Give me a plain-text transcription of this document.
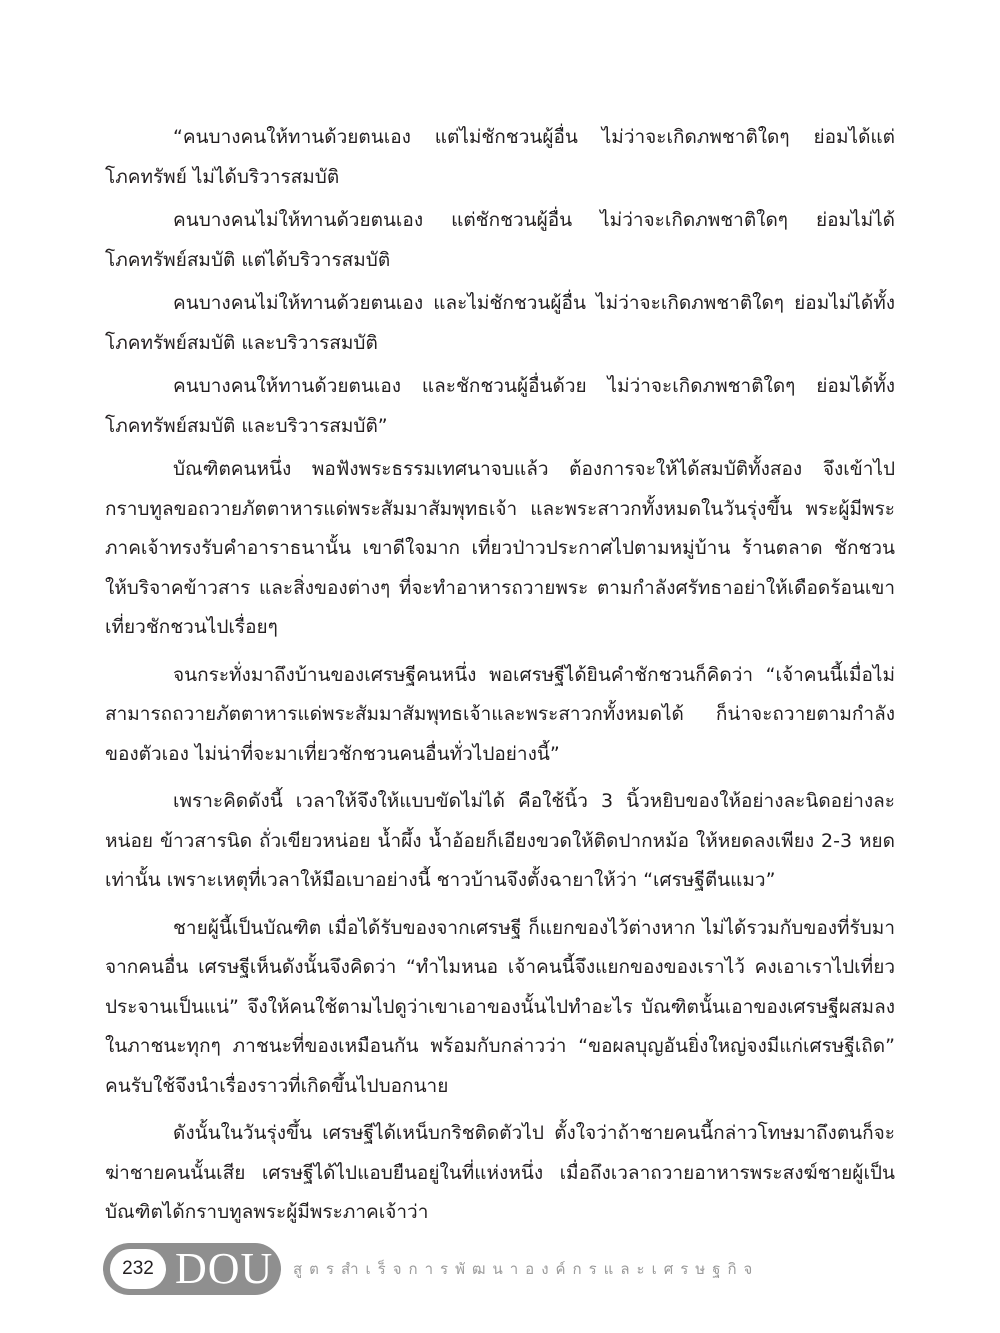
“คนบางคนให้ทานด้วยตนเอง แต่ไม่ชักชวนผู้อื่น ไม่ว่าจะเกิดภพชาติใดๆ ย่อมได้แต่โภคทรัพย์ ไม่ได้บริวารสมบัติ

คนบางคนไม่ให้ทานด้วยตนเอง แต่ชักชวนผู้อื่น ไม่ว่าจะเกิดภพชาติใดๆ ย่อมไม่ได้โภคทรัพย์สมบัติ แต่ได้บริวารสมบัติ

คนบางคนไม่ให้ทานด้วยตนเอง และไม่ชักชวนผู้อื่น ไม่ว่าจะเกิดภพชาติใดๆ ย่อมไม่ได้ทั้งโภคทรัพย์สมบัติ และบริวารสมบัติ

คนบางคนให้ทานด้วยตนเอง และชักชวนผู้อื่นด้วย ไม่ว่าจะเกิดภพชาติใดๆ ย่อมได้ทั้งโภคทรัพย์สมบัติ และบริวารสมบัติ”

บัณฑิตคนหนึ่ง พอฟังพระธรรมเทศนาจบแล้ว ต้องการจะให้ได้สมบัติทั้งสอง จึงเข้าไปกราบทูลขอถวายภัตตาหารแด่พระสัมมาสัมพุทธเจ้า และพระสาวกทั้งหมดในวันรุ่งขึ้น พระผู้มีพระภาคเจ้าทรงรับคำอาราธนานั้น เขาดีใจมาก เที่ยวป่าวประกาศไปตามหมู่บ้าน ร้านตลาด ชักชวนให้บริจาคข้าวสาร และสิ่งของต่างๆ ที่จะทำอาหารถวายพระ ตามกำลังศรัทธาอย่าให้เดือดร้อนเขาเที่ยวชักชวนไปเรื่อยๆ

จนกระทั่งมาถึงบ้านของเศรษฐีคนหนึ่ง พอเศรษฐีได้ยินคำชักชวนก็คิดว่า “เจ้าคนนี้เมื่อไม่สามารถถวายภัตตาหารแด่พระสัมมาสัมพุทธเจ้าและพระสาวกทั้งหมดได้ ก็น่าจะถวายตามกำลังของตัวเอง ไม่น่าที่จะมาเที่ยวชักชวนคนอื่นทั่วไปอย่างนี้”

เพราะคิดดังนี้ เวลาให้จึงให้แบบขัดไม่ได้ คือใช้นิ้ว 3 นิ้วหยิบของให้อย่างละนิดอย่างละหน่อย ข้าวสารนิด ถั่วเขียวหน่อย น้ำผึ้ง น้ำอ้อยก็เอียงขวดให้ติดปากหม้อ ให้หยดลงเพียง 2-3 หยดเท่านั้น เพราะเหตุที่เวลาให้มือเบาอย่างนี้ ชาวบ้านจึงตั้งฉายาให้ว่า “เศรษฐีตีนแมว”

ชายผู้นี้เป็นบัณฑิต เมื่อได้รับของจากเศรษฐี ก็แยกของไว้ต่างหาก ไม่ได้รวมกับของที่รับมาจากคนอื่น เศรษฐีเห็นดังนั้นจึงคิดว่า “ทำไมหนอ เจ้าคนนี้จึงแยกของของเราไว้ คงเอาเราไปเที่ยวประจานเป็นแน่” จึงให้คนใช้ตามไปดูว่าเขาเอาของนั้นไปทำอะไร บัณฑิตนั้นเอาของเศรษฐีผสมลงในภาชนะทุกๆ ภาชนะที่ของเหมือนกัน พร้อมกับกล่าวว่า “ขอผลบุญอันยิ่งใหญ่จงมีแก่เศรษฐีเถิด” คนรับใช้จึงนำเรื่องราวที่เกิดขึ้นไปบอกนาย

ดังนั้นในวันรุ่งขึ้น เศรษฐีได้เหน็บกริชติดตัวไป ตั้งใจว่าถ้าชายคนนี้กล่าวโทษมาถึงตนก็จะฆ่าชายคนนั้นเสีย เศรษฐีได้ไปแอบยืนอยู่ในที่แห่งหนึ่ง เมื่อถึงเวลาถวายอาหารพระสงฆ์ชายผู้เป็นบัณฑิตได้กราบทูลพระผู้มีพระภาคเจ้าว่า

232 DOU สูตรสำเร็จการพัฒนาองค์กรและเศรษฐกิจ
